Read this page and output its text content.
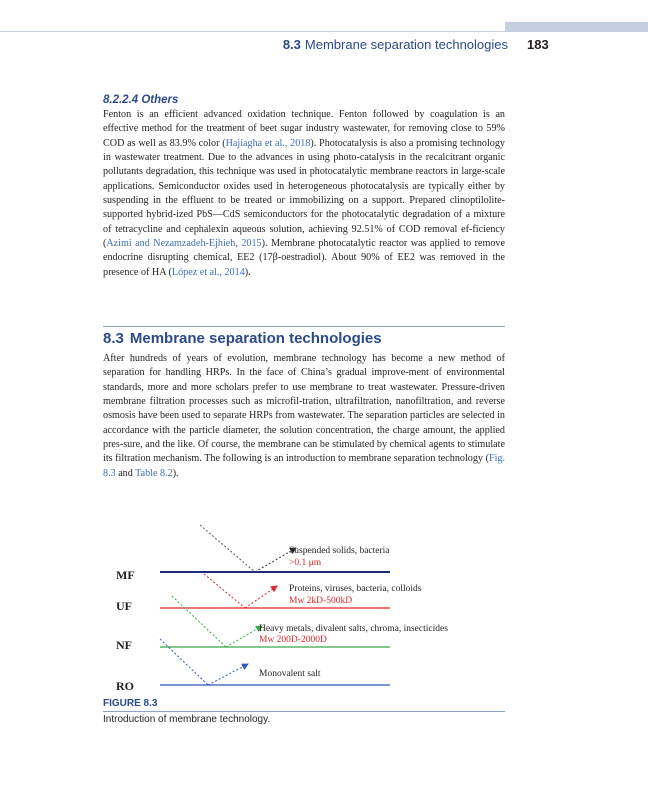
8.3 Membrane separation technologies 183
8.2.2.4 Others

Fenton is an efficient advanced oxidation technique. Fenton followed by coagulation is an effective method for the treatment of beet sugar industry wastewater, for removing close to 59% COD as well as 83.9% color (Hajiagha et al., 2018). Photocatalysis is also a promising technology in wastewater treatment. Due to the advances in using photo-catalysis in the recalcitrant organic pollutants degradation, this technique was used in photocatalytic membrane reactors in large-scale applications. Semiconductor oxides used in heterogeneous photocatalysis are typically either by suspending in the effluent to be treated or immobilizing on a support. Prepared clinoptilolite-supported hybrid-ized PbS—CdS semiconductors for the photocatalytic degradation of a mixture of tetracycline and cephalexin aqueous solution, achieving 92.51% of COD removal ef-ficiency (Azimi and Nezamzadeh-Ejhieh, 2015). Membrane photocatalytic reactor was applied to remove endocrine disrupting chemical, EE2 (17β-oestradiol). About 90% of EE2 was removed in the presence of HA (López et al., 2014).

8.3 Membrane separation technologies

After hundreds of years of evolution, membrane technology has become a new method of separation for handling HRPs. In the face of China’s gradual improve-ment of environmental standards, more and more scholars prefer to use membrane to treat wastewater. Pressure-driven membrane filtration processes such as microfil-tration, ultrafiltration, nanofiltration, and reverse osmosis have been used to separate HRPs from wastewater. The separation particles are selected in accordance with the particle diameter, the solution concentration, the charge amount, the applied pres-sure, and the like. Of course, the membrane can be stimulated by chemical agents to stimulate its filtration mechanism. The following is an introduction to membrane separation technology (Fig. 8.3 and Table 8.2).

MF
Suspended solids, bacteria
>0.1 μm
UF
Proteins, viruses, bacteria, colloids
Mw 2kD-500kD
NF
Heavy metals, divalent salts, chroma, insecticides
Mw 200D-2000D
RO
Monovalent salt
FIGURE 8.3
Introduction of membrane technology.
